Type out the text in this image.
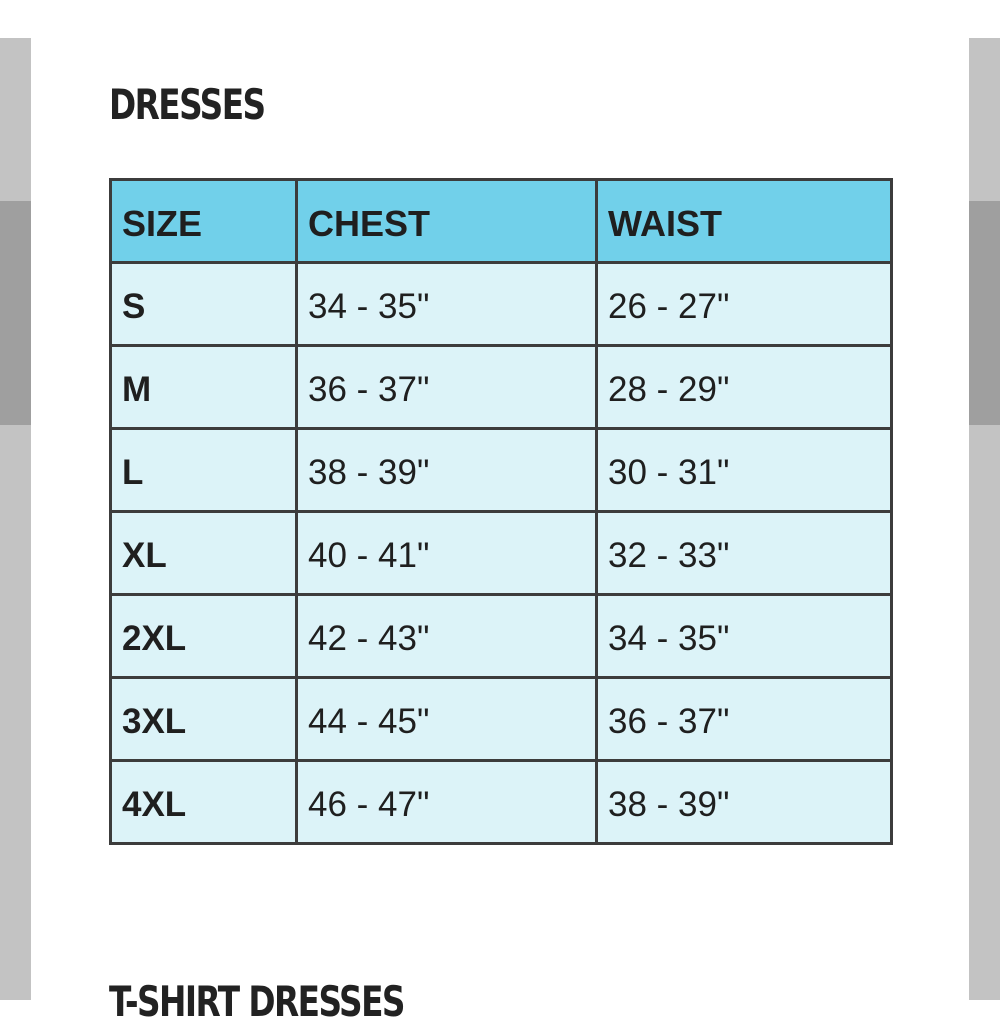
DRESSES
SIZE	CHEST	WAIST
S	34 - 35"	26 - 27"
M	36 - 37"	28 - 29"
L	38 - 39"	30 - 31"
XL	40 - 41"	32 - 33"
2XL	42 - 43"	34 - 35"
3XL	44 - 45"	36 - 37"
4XL	46 - 47"	38 - 39"
T-SHIRT DRESSES
